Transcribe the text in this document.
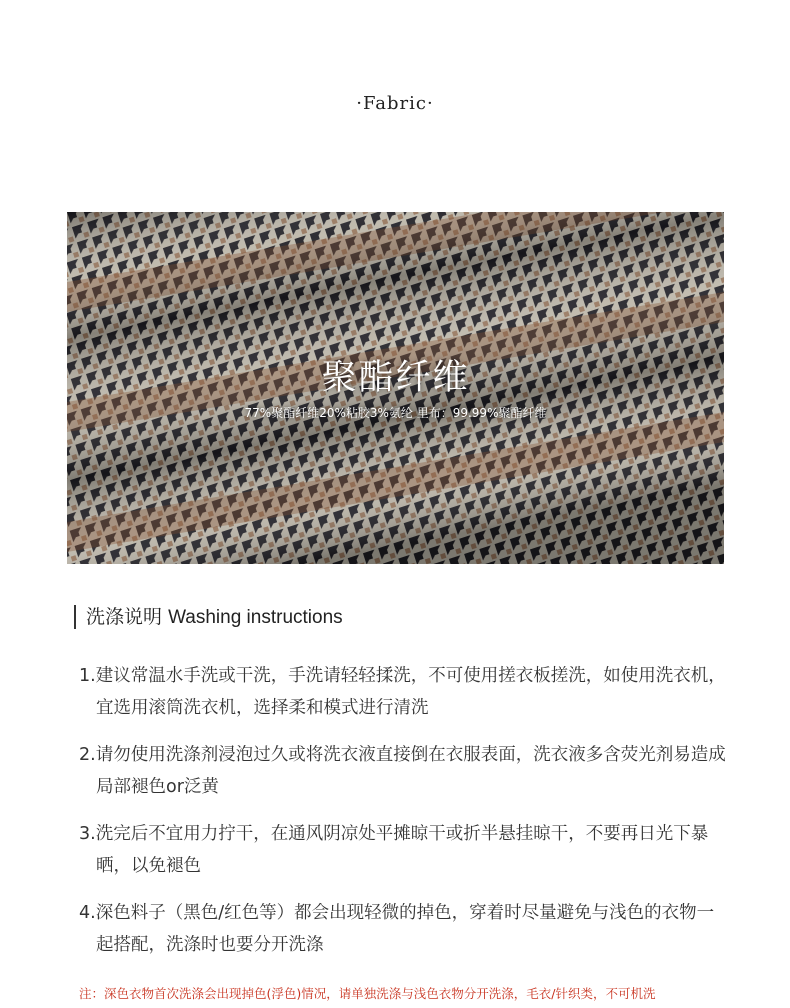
·Fabric·
聚酯纤维
77%聚酯纤维20%粘胶3%氨纶 里布：99.99%聚酯纤维
洗涤说明 Washing instructions
1.建议常温水手洗或干洗，手洗请轻轻揉洗，不可使用搓衣板搓洗，如使用洗衣机，宜选用滚筒洗衣机，选择柔和模式进行清洗
2.请勿使用洗涤剂浸泡过久或将洗衣液直接倒在衣服表面，洗衣液多含荧光剂易造成局部褪色or泛黄
3.洗完后不宜用力拧干，在通风阴凉处平摊晾干或折半悬挂晾干，不要再日光下暴晒，以免褪色
4.深色料子（黑色/红色等）都会出现轻微的掉色，穿着时尽量避免与浅色的衣物一起搭配，洗涤时也要分开洗涤
注：深色衣物首次洗涤会出现掉色(浮色)情况，请单独洗涤与浅色衣物分开洗涤，毛衣/针织类，不可机洗
